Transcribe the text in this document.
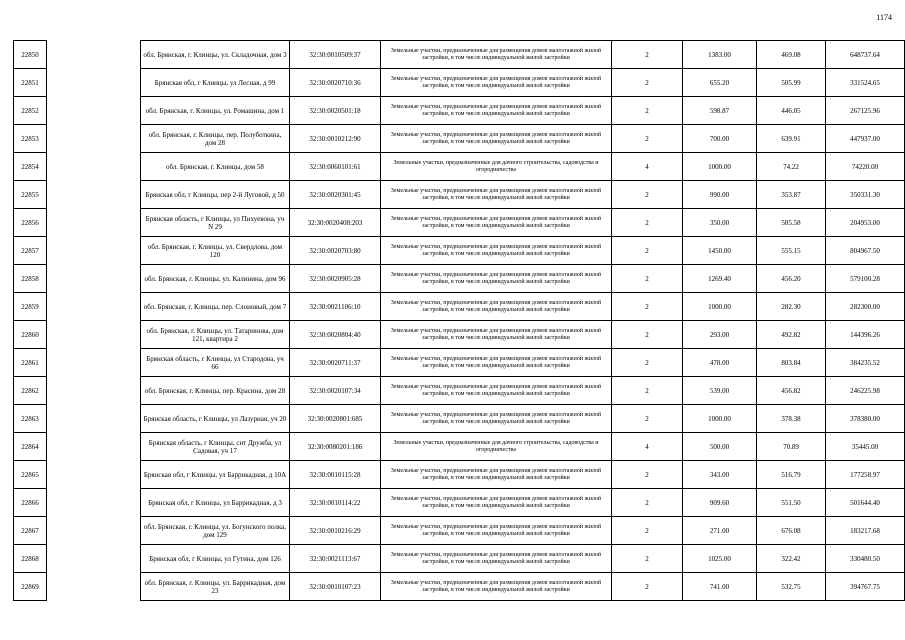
1174
22850		обл. Брянская, г. Клинцы, ул. Складочная, дом 3	32:30:0010509:37	Земельные участки, предназначенные для размещения домов малоэтажной жилой застройки, в том числе индивидуальной жилой застройки	2	1383.00	469.08	648737.64
22851		Брянская обл, г Клинцы, ул Лесная, д 99	32:30:0020710:36	Земельные участки, предназначенные для размещения домов малоэтажной жилой застройки, в том числе индивидуальной жилой застройки	2	655.20	505.99	331524.65
22852		обл. Брянская, г. Клинцы, ул. Ромашина, дом 1	32:30:0020501:18	Земельные участки, предназначенные для размещения домов малоэтажной жилой застройки, в том числе индивидуальной жилой застройки	2	598.87	446.05	267125.96
22853		обл. Брянская, г. Клинцы, пер. Полуботкина, дом 28	32:30:0010212:90	Земельные участки, предназначенные для размещения домов малоэтажной жилой застройки, в том числе индивидуальной жилой застройки	2	700.00	639.91	447937.00
22854		обл. Брянская, г. Клинцы, дом 58	32:30:0060101:61	Земельные участки, предназначенные для дачного строительства, садоводства и огородничества	4	1000.00	74.22	74220.00
22855		Брянская обл, г Клинцы, пер 2-й Луговой, д 50	32:30:0020301:45	Земельные участки, предназначенные для размещения домов малоэтажной жилой застройки, в том числе индивидуальной жилой застройки	2	990.00	353.87	350331.30
22856		Брянская область, г Клинцы, ул Пихуевона, уч N 29	32:30:0020408:203	Земельные участки, предназначенные для размещения домов малоэтажной жилой застройки, в том числе индивидуальной жилой застройки	2	350.00	585.58	204953.00
22857		обл. Брянская, г. Клинцы, ул. Свердлова, дом 120	32:30:0020703:80	Земельные участки, предназначенные для размещения домов малоэтажной жилой застройки, в том числе индивидуальной жилой застройки	2	1450.00	555.15	804967.50
22858		обл. Брянская, г. Клинцы, ул. Калинина, дом 96	32:30:0020905:28	Земельные участки, предназначенные для размещения домов малоэтажной жилой застройки, в том числе индивидуальной жилой застройки	2	1269.40	456.20	579100.28
22859		обл. Брянская, г. Клинцы, пер. Слоновый, дом 7	32:30:0021106:10	Земельные участки, предназначенные для размещения домов малоэтажной жилой застройки, в том числе индивидуальной жилой застройки	2	1000.00	282.30	282300.00
22860		обл. Брянская, г. Клинцы, ул. Татаринова, дом 121, квартира 2	32:30:0020804:40	Земельные участки, предназначенные для размещения домов малоэтажной жилой застройки, в том числе индивидуальной жилой застройки	2	293.00	492.82	144396.26
22861		Брянская область, г Клинцы, ул Стародова, уч 66	32:30:0020711:37	Земельные участки, предназначенные для размещения домов малоэтажной жилой застройки, в том числе индивидуальной жилой застройки	2	478.00	803.84	384235.52
22862		обл. Брянская, г. Клинцы, пер. Красина, дом 28	32:30:0020107:34	Земельные участки, предназначенные для размещения домов малоэтажной жилой застройки, в том числе индивидуальной жилой застройки	2	539.00	456.82	246225.98
22863		Брянская область, г Клинцы, ул Лазуриая, уч 20	32:30:0020801:685	Земельные участки, предназначенные для размещения домов малоэтажной жилой застройки, в том числе индивидуальной жилой застройки	2	1000.00	378.38	378380.00
22864		Брянская область, г Клинцы, снт Дружба, ул Садовая, уч 17	32:30:0080201:186	Земельные участки, предназначенные для дачного строительства, садоводства и огородничества	4	500.00	70.89	35445.00
22865		Брянская обл, г Клинцы, ул Баррикадная, д 10А	32:30:0010115:28	Земельные участки, предназначенные для размещения домов малоэтажной жилой застройки, в том числе индивидуальной жилой застройки	2	343.00	516.79	177258.97
22866		Брянская обл, г Клинцы, ул Баррикадная, д 3	32:30:0010114:22	Земельные участки, предназначенные для размещения домов малоэтажной жилой застройки, в том числе индивидуальной жилой застройки	2	909.60	551.50	501644.40
22867		обл. Брянская, г. Клинцы, ул. Богунского полка, дом 129	32:30:0010216:29	Земельные участки, предназначенные для размещения домов малоэтажной жилой застройки, в том числе индивидуальной жилой застройки	2	271.00	676.08	183217.68
22868		Брянская обл, г Клинцы, ул Гутина, дом 126	32:30:0021113:67	Земельные участки, предназначенные для размещения домов малоэтажной жилой застройки, в том числе индивидуальной жилой застройки	2	1025.00	322.42	330480.50
22869		обл. Брянская, г. Клинцы, ул. Баррикадная, дом 23	32:30:0010107:23	Земельные участки, предназначенные для размещения домов малоэтажной жилой застройки, в том числе индивидуальной жилой застройки	2	741.00	532.75	394767.75
